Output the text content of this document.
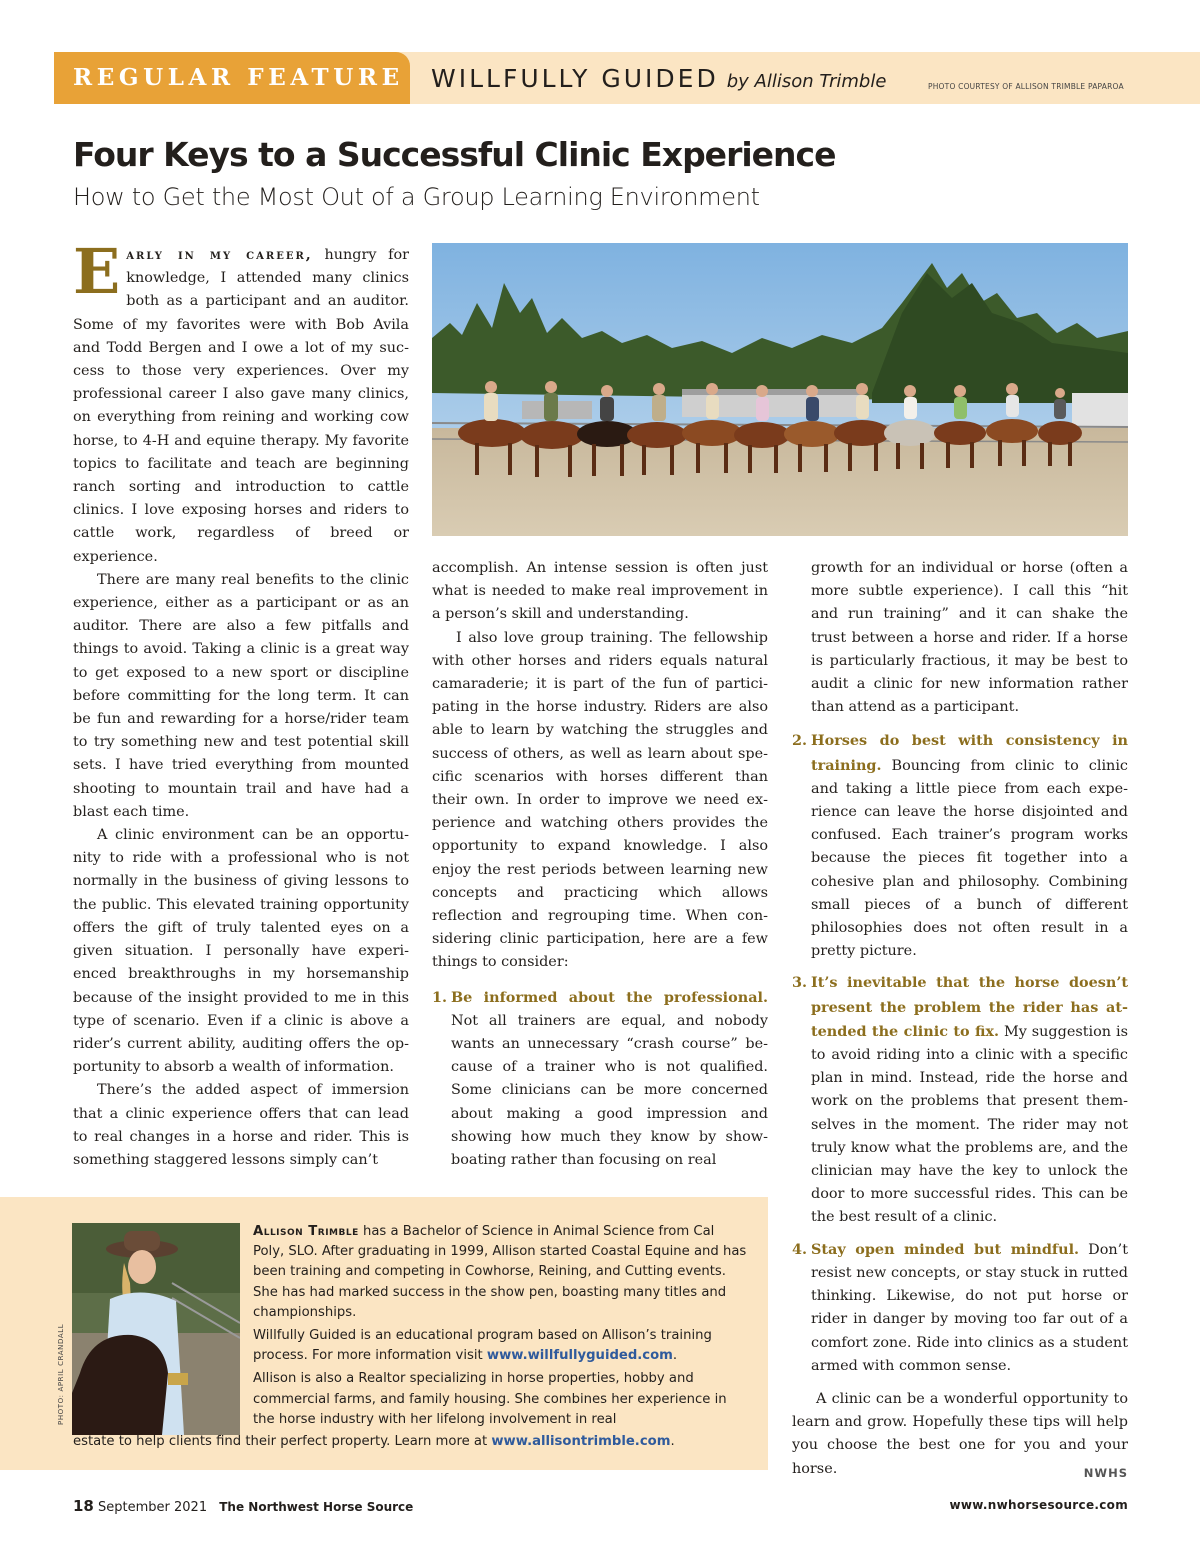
REGULAR FEATURE WILLFULLY GUIDED by Allison Trimble	PHOTO COURTESY OF ALLISON TRIMBLE PAPAROA
Four Keys to a Successful Clinic Experience
How to Get the Most Out of a Group Learning Environment

Early in my career, hungry for knowledge, I attended many clinics both as a participant and an auditor. Some of my favorites were with Bob Avila and Todd Bergen and I owe a lot of my success to those very experiences. Over my professional career I also gave many clinics, on everything from reining and working cow horse, to 4-H and equine therapy. My favorite topics to facilitate and teach are beginning ranch sorting and introduction to cattle clinics. I love exposing horses and riders to cattle work, regardless of breed or experience.

There are many real benefits to the clinic experience, either as a participant or as an auditor. There are also a few pitfalls and things to avoid. Taking a clinic is a great way to get exposed to a new sport or discipline before committing for the long term. It can be fun and rewarding for a horse/rider team to try something new and test potential skill sets. I have tried everything from mounted shooting to mountain trail and have had a blast each time.

A clinic environment can be an opportunity to ride with a professional who is not normally in the business of giving lessons to the public. This elevated training opportunity offers the gift of truly talented eyes on a given situation. I personally have experienced breakthroughs in my horsemanship because of the insight provided to me in this type of scenario. Even if a clinic is above a rider’s current ability, auditing offers the opportunity to absorb a wealth of information.

There’s the added aspect of immersion that a clinic experience offers that can lead to real changes in a horse and rider. This is something staggered lessons simply can’t

accomplish. An intense session is often just what is needed to make real improvement in a person’s skill and understanding.

I also love group training. The fellowship with other horses and riders equals natural camaraderie; it is part of the fun of participating in the horse industry. Riders are also able to learn by watching the struggles and success of others, as well as learn about specific scenarios with horses different than their own. In order to improve we need experience and watching others provides the opportunity to expand knowledge. I also enjoy the rest periods between learning new concepts and practicing which allows reflection and regrouping time. When considering clinic participation, here are a few things to consider:

1. Be informed about the professional. Not all trainers are equal, and nobody wants an unnecessary “crash course” because of a trainer who is not qualified. Some clinicians can be more concerned about making a good impression and showing how much they know by showboating rather than focusing on real
growth for an individual or horse (often a more subtle experience). I call this “hit and run training” and it can shake the trust between a horse and rider. If a horse is particularly fractious, it may be best to audit a clinic for new information rather than attend as a participant.
2. Horses do best with consistency in training. Bouncing from clinic to clinic and taking a little piece from each experience can leave the horse disjointed and confused. Each trainer’s program works because the pieces fit together into a cohesive plan and philosophy. Combining small pieces of a bunch of different philosophies does not often result in a pretty picture.
3. It’s inevitable that the horse doesn’t present the problem the rider has attended the clinic to fix. My suggestion is to avoid riding into a clinic with a specific plan in mind. Instead, ride the horse and work on the problems that present themselves in the moment. The rider may not truly know what the problems are, and the clinician may have the key to unlock the door to more successful rides. This can be the best result of a clinic.
4. Stay open minded but mindful. Don’t resist new concepts, or stay stuck in rutted thinking. Likewise, do not put horse or rider in danger by moving too far out of a comfort zone. Ride into clinics as a student armed with common sense.

A clinic can be a wonderful opportunity to learn and grow. Hopefully these tips will help you choose the best one for you and your horse.	NWHS

PHOTO: APRIL CRANDALL

Allison Trimble has a Bachelor of Science in Animal Science from Cal Poly, SLO. After graduating in 1999, Allison started Coastal Equine and has been training and competing in Cowhorse, Reining, and Cutting events. She has had marked success in the show pen, boasting many titles and championships.

Willfully Guided is an educational program based on Allison’s training process. For more information visit www.willfullyguided.com.

Allison is also a Realtor specializing in horse properties, hobby and commercial farms, and family housing. She combines her experience in the horse industry with her lifelong involvement in real

estate to help clients find their perfect property. Learn more at www.allisontrimble.com.
18 September 2021 The Northwest Horse Source	www.nwhorsesource.com
